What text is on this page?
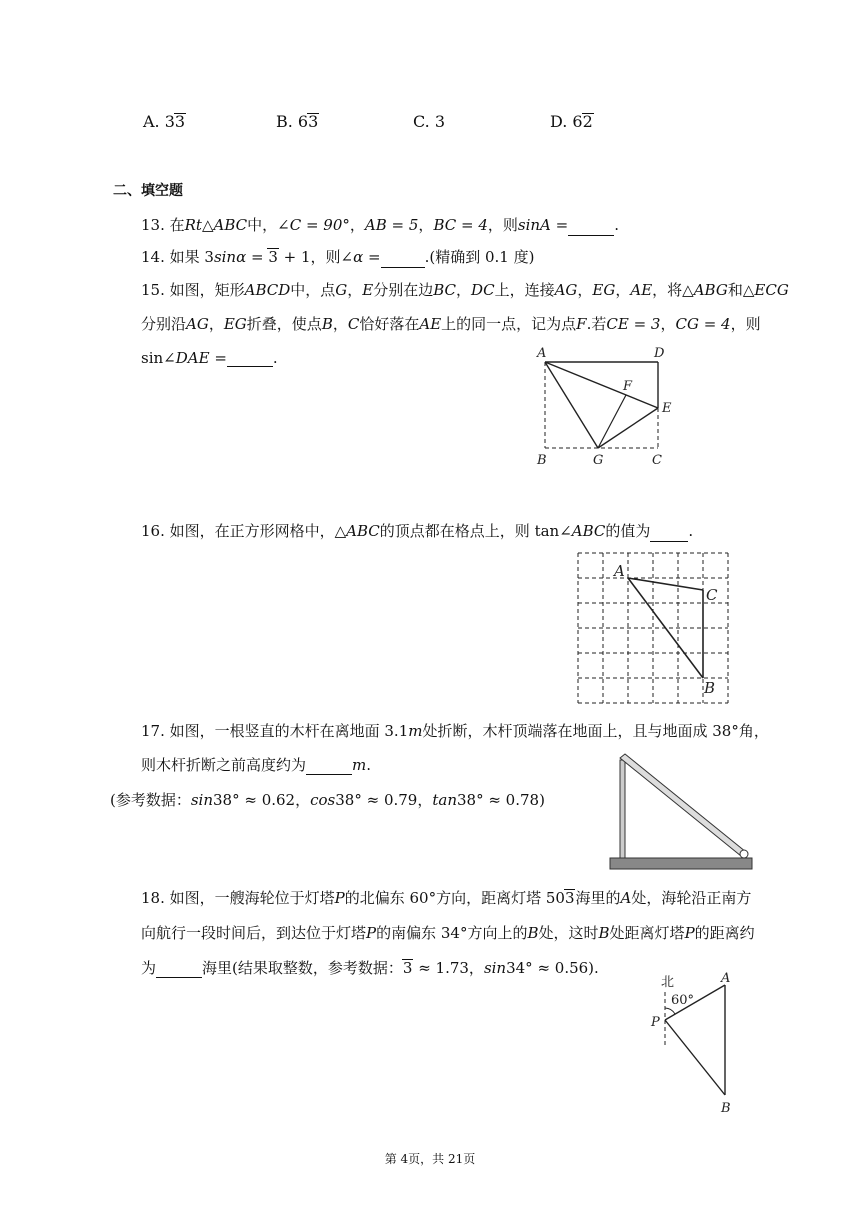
A. 33	B. 63	C. 3	D. 62
二、填空题
13. 在Rt△ABC中，∠C = 90°，AB = 5，BC = 4，则sinA =	.
14. 如果 3sinα = 3 + 1，则∠α =	.(精确到 0.1 度)
15. 如图，矩形ABCD中，点G，E分别在边BC，DC上，连接AG，EG，AE，将△ABG和△ECG
分别沿AG，EG折叠，使点B，C恰好落在AE上的同一点，记为点F.若CE = 3，CG = 4，则
sin∠DAE =	.	A	D
F
E
B	G	C
16. 如图，在正方形网格中，△ABC的顶点都在格点上，则 tan∠ABC的值为	.
A
C
B
17. 如图，一根竖直的木杆在离地面 3.1m处折断，木杆顶端落在地面上，且与地面成 38°角，
则木杆折断之前高度约为	m.
(参考数据：sin38° ≈ 0.62，cos38° ≈ 0.79，tan38° ≈ 0.78)
18. 如图，一艘海轮位于灯塔P的北偏东 60°方向，距离灯塔 503海里的A处，海轮沿正南方
向航行一段时间后，到达位于灯塔P的南偏东 34°方向上的B处，这时B处距离灯塔P的距离约
为	海里(结果取整数，参考数据：3 ≈ 1.73，sin34° ≈ 0.56).
北
60°
A
P
B
第 4页，共 21页
